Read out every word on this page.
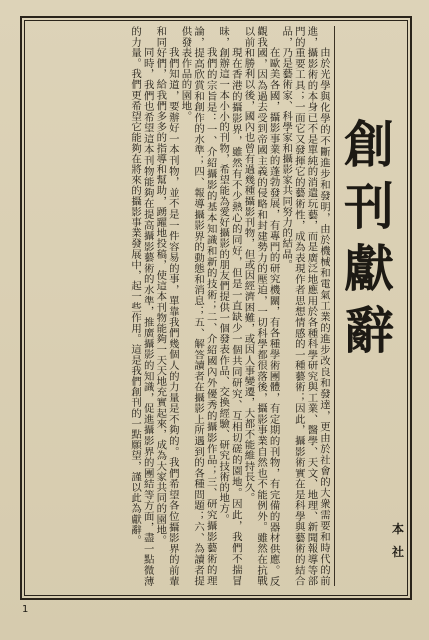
創
刊
獻
辭
本
社

由於光學與化學的不斷進步和發明，由於機械和電氣工業的進步改良和發達，更由於社會的大衆需要和時代的前進，攝影術的本身已不是單純的消遣玩藝，而是廣泛地應用於各種科學研究與工業、醫學、天文、地理、新聞報導等部門的重要工具；一面它又發揮它的藝術性，成為表現作者思想情感的一種藝術；因此，攝影術實在是科學與藝術的結合品，乃是藝術家、科學家和攝影家共同努力的結晶。

在歐美各國，攝影事業的蓬勃發展，有專門的研究機關，有各種學術團體，有定期的刊物，有完備的器材供應。反觀我國，因為過去受到帝國主義的侵略和封建勢力的壓迫，一切科學都很落後，攝影事業自然也不能例外。雖然在抗戰以前和勝利以後，國內也曾有過幾種攝影刊物，但或因經濟困難，或因人事變遷，大都不能維持長久。

現在香港的攝影界，雖然有不少熱心的同好，但是一直缺少一個共同研究、互相切磋的園地。因此，我們不揣冒昧，創辦這一本小小的刊物，希望能為愛好攝影的朋友們提供一個發表作品、交換經驗、研究技術的地方。

我們的宗旨是：一、介紹攝影的基本知識和新的技術；二、介紹國內外優秀的攝影作品；三、研究攝影藝術的理論，提高欣賞和創作的水準；四、報導攝影界的動態和消息；五、解答讀者在攝影上所遇到的各種問題；六、為讀者提供發表作品的園地。

我們知道，要辦好一本刊物，並不是一件容易的事，單靠我們幾個人的力量是不夠的。我們希望各位攝影界的前輩和同好們，給我們多多的指導和幫助，踴躍地投稿，使這本刊物能夠一天天地充實起來，成為大家共同的園地。

同時，我們也希望這本刊物能夠在提高攝影藝術的水準，推廣攝影的知識，促進攝影界的團結等方面，盡一點微薄的力量。我們更希望它能夠在將來的攝影事業發展中，起一些作用。這是我們創刊的一點願望，謹以此為獻辭。

1
